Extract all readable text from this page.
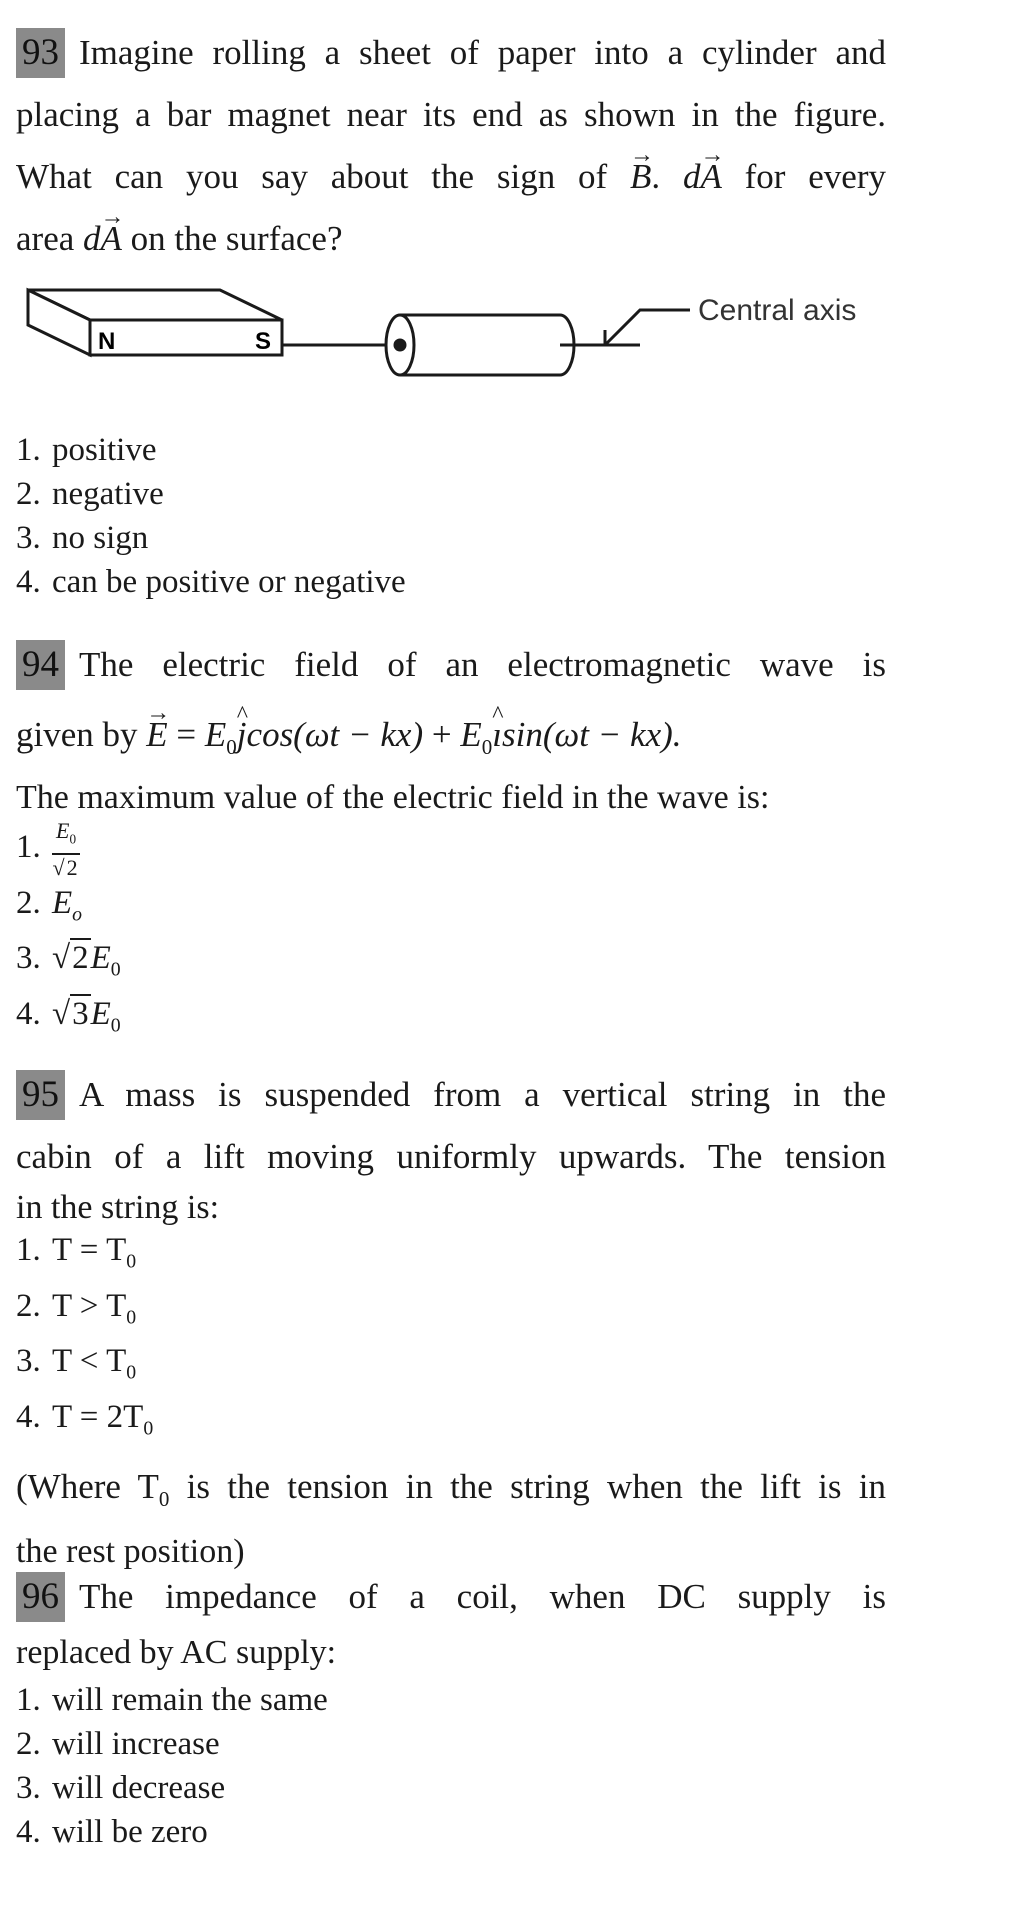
93 Imagine rolling a sheet of paper into a cylinder and

placing a bar magnet near its end as shown in the figure.

What can you say about the sign of → B. d→ A for every

area d→ A on the surface?

N	S
Central axis

1. positive

2. negative

3. no sign

4. can be positive or negative

94 The electric field of an electromagnetic wave is

given by → $E = E_0\^{}$ $jcos(\omega t - kx) + E_0\^{}$ ısin(ωt − kx).

The maximum value of the electric field in the wave is:

1. $\frac{E_0}{√2}$

2. $E_o$

3. $√2E_0$

4. $√3E_0$

95 A mass is suspended from a vertical string in the

cabin of a lift moving uniformly upwards. The tension

in the string is:

1. $T = T_0$

2. $T > T_0$

3. $T < T_0$

4. $T = 2T_0$

(Where $T_0$ is the tension in the string when the lift is in

the rest position)

96 The impedance of a coil, when DC supply is

replaced by AC supply:

1. will remain the same

2. will increase

3. will decrease

4. will be zero
